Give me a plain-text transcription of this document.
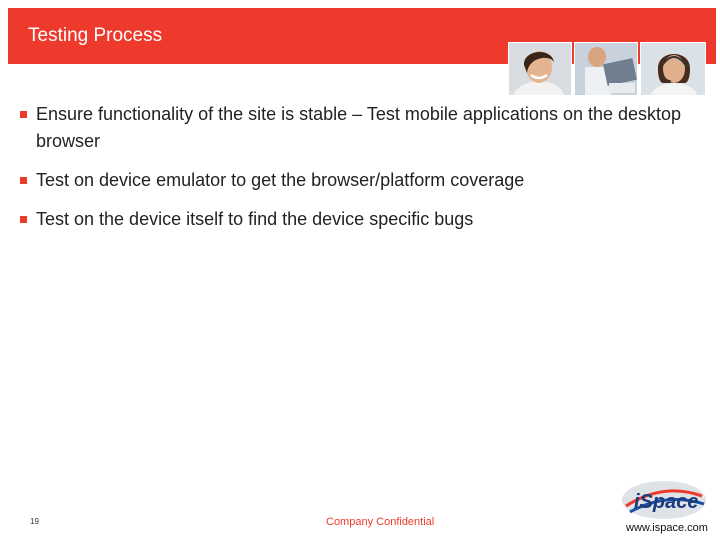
Testing Process
Ensure functionality of the site is stable – Test mobile applications on the desktop browser
Test on device emulator to get the browser/platform coverage
Test on the device itself to find the device specific bugs
19	Company Confidential
iSpace
www.ispace.com
